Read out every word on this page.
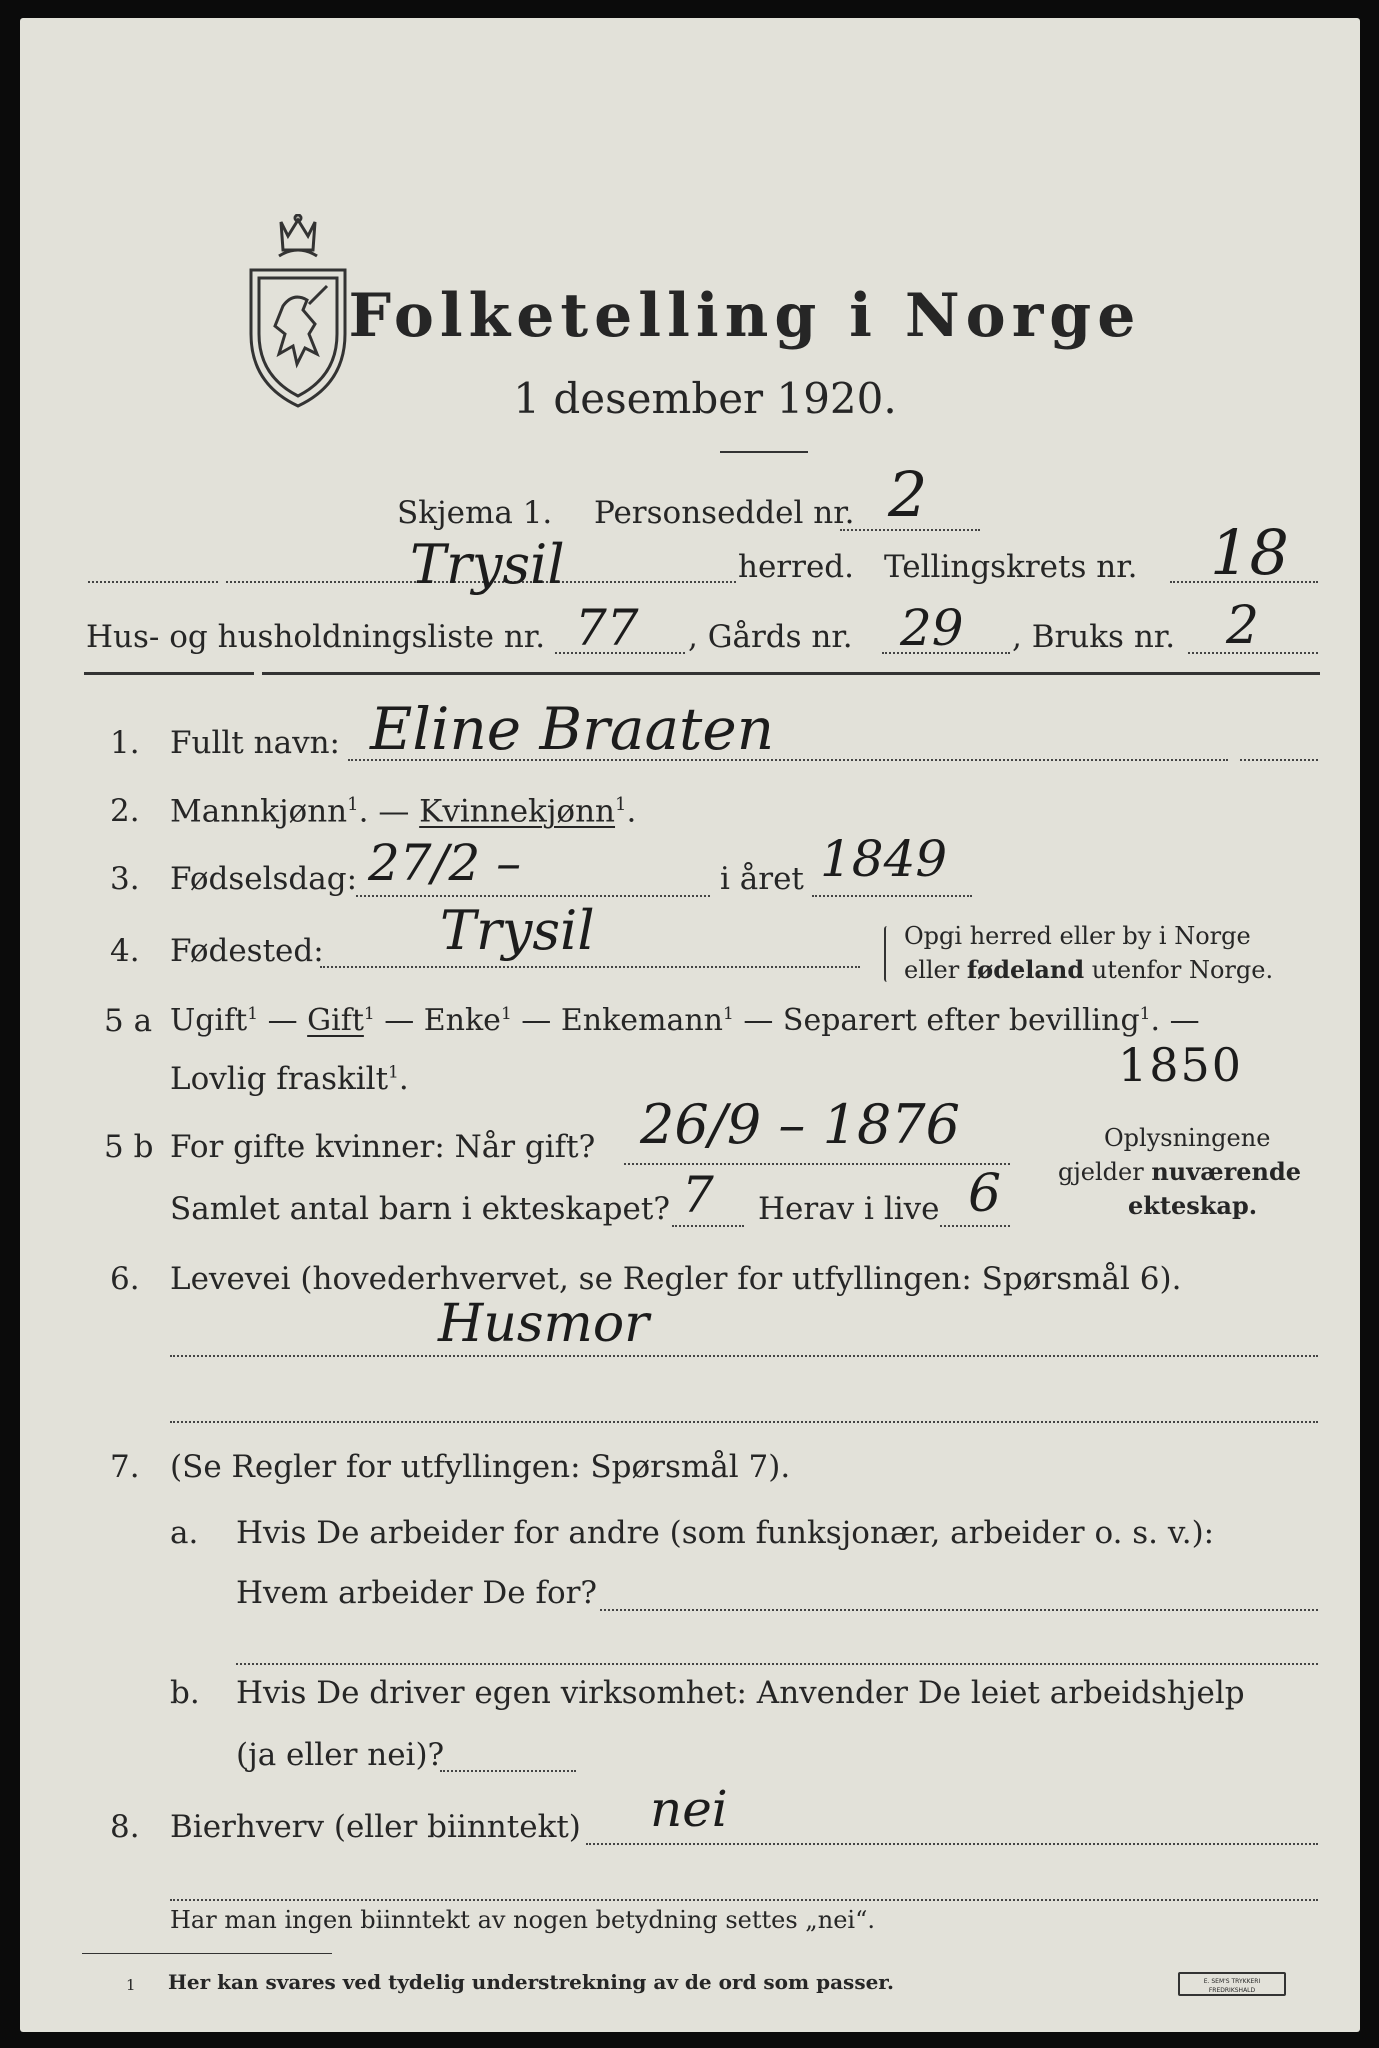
Folketelling i Norge
1 desember 1920.
Skjema 1. Personseddel nr. 2
Trysil	herred. Tellingskrets nr. 18
Hus- og husholdningsliste nr. 77 , Gårds nr. 29 , Bruks nr. 2
1. Fullt navn: Eline Braaten
2. Mannkjønn$^1$. — Kvinnekjønn$^1$.
3. Fødselsdag: 27/2 –	i året 1849
4. Fødested: Trysil	Opgi herred eller by i Norge
eller fødeland utenfor Norge.
5 a Ugift$^1$ — Gift$^1$ — Enke$^1$ — Enkemann$^1$ — Separert efter bevilling$^1$. —
Lovlig fraskilt$^1$.	1850
5 b For gifte kvinner: Når gift? 26/9 – 1876
Samlet antal barn i ekteskapet? 7 Herav i live 6
Oplysningene
gjelder nuværende
ekteskap.
6. Levevei (hovederhvervet, se Regler for utfyllingen: Spørsmål 6).
Husmor
7. (Se Regler for utfyllingen: Spørsmål 7).
a. Hvis De arbeider for andre (som funksjonær, arbeider o. s. v.):
Hvem arbeider De for?
b. Hvis De driver egen virksomhet: Anvender De leiet arbeidshjelp
(ja eller nei)?
8. Bierhverv (eller biinntekt) nei
Har man ingen biinntekt av nogen betydning settes „nei“.
1 Her kan svares ved tydelig understrekning av de ord som passer.	E. SEM'S TRYKKERI
FREDRIKSHALD
